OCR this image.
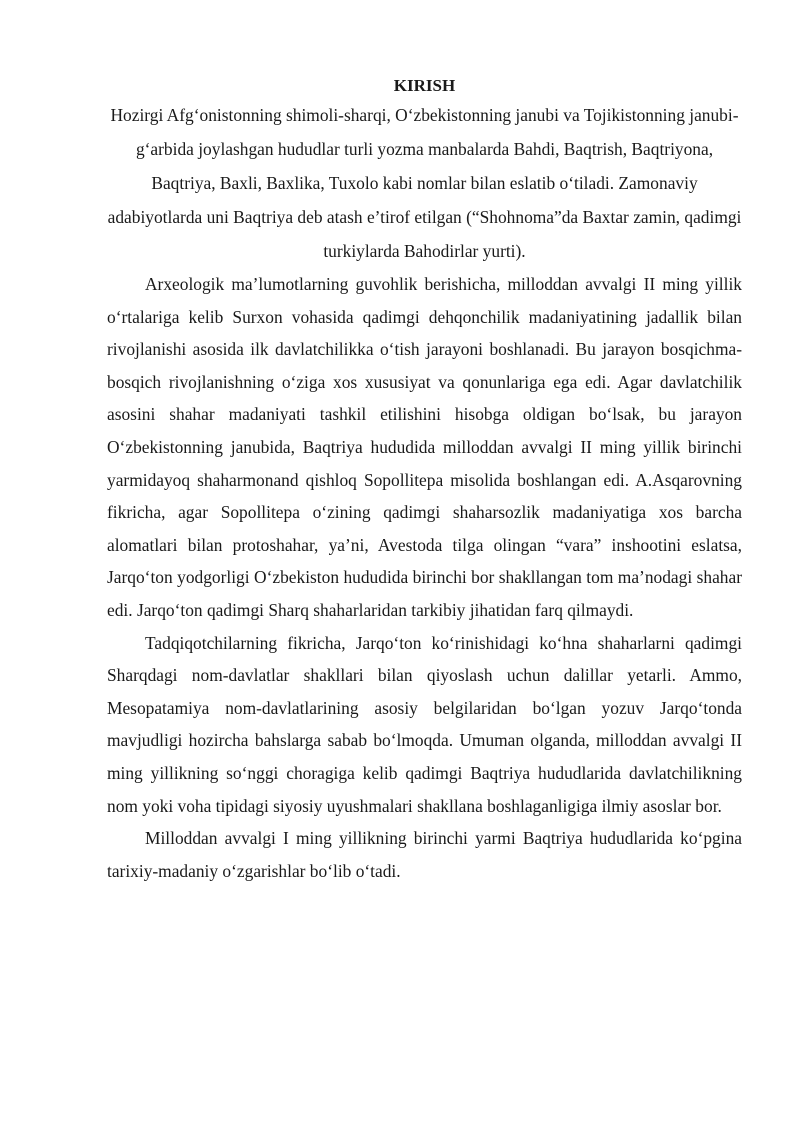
KIRISH

Hozirgi Afg‘onistonning shimoli-sharqi, O‘zbekistonning janubi va Tojikistonning janubi-g‘arbida joylashgan hududlar turli yozma manbalarda Bahdi, Baqtrish, Baqtriyona, Baqtriya, Baxli, Baxlika, Tuxolo kabi nomlar bilan eslatib o‘tiladi. Zamonaviy adabiyotlarda uni Baqtriya deb atash e’tirof etilgan (“Shohnoma”da Baxtar zamin, qadimgi turkiylarda Bahodirlar yurti).

Arxeologik ma’lumotlarning guvohlik berishicha, milloddan avvalgi II ming yillik o‘rtalariga kelib Surxon vohasida qadimgi dehqonchilik madaniyatining jadallik bilan rivojlanishi asosida ilk davlatchilikka o‘tish jarayoni boshlanadi. Bu jarayon bosqichma-bosqich rivojlanishning o‘ziga xos xususiyat va qonunlariga ega edi. Agar davlatchilik asosini shahar madaniyati tashkil etilishini hisobga oldigan bo‘lsak, bu jarayon O‘zbekistonning janubida, Baqtriya hududida milloddan avvalgi II ming yillik birinchi yarmidayoq shaharmonand qishloq Sopollitepa misolida boshlangan edi. A.Asqarovning fikricha, agar Sopollitepa o‘zining qadimgi shaharsozlik madaniyatiga xos barcha alomatlari bilan protoshahar, ya’ni, Avestoda tilga olingan “vara” inshootini eslatsa, Jarqo‘ton yodgorligi O‘zbekiston hududida birinchi bor shakllangan tom ma’nodagi shahar edi. Jarqo‘ton qadimgi Sharq shaharlaridan tarkibiy jihatidan farq qilmaydi.

Tadqiqotchilarning fikricha, Jarqo‘ton ko‘rinishidagi ko‘hna shaharlarni qadimgi Sharqdagi nom-davlatlar shakllari bilan qiyoslash uchun dalillar yetarli. Ammo, Mesopatamiya nom-davlatlarining asosiy belgilaridan bo‘lgan yozuv Jarqo‘tonda mavjudligi hozircha bahslarga sabab bo‘lmoqda. Umuman olganda, milloddan avvalgi II ming yillikning so‘nggi choragiga kelib qadimgi Baqtriya hududlarida davlatchilikning nom yoki voha tipidagi siyosiy uyushmalari shakllana boshlaganligiga ilmiy asoslar bor.

Milloddan avvalgi I ming yillikning birinchi yarmi Baqtriya hududlarida ko‘pgina tarixiy-madaniy o‘zgarishlar bo‘lib o‘tadi.
